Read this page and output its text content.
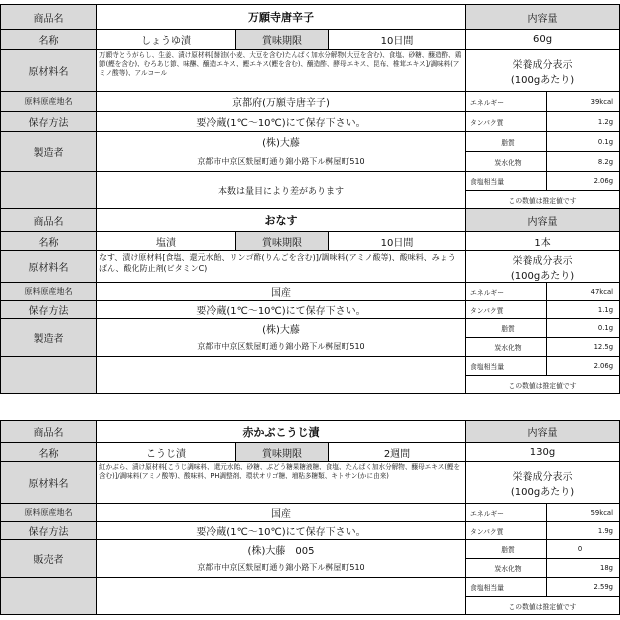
商品名	万願寺唐辛子			内容量	
名称	しょうゆ漬	賞味期限	10日間	60g	
原材料名	万願寺とうがらし、生姜、漬け原材料[醤油(小麦、大豆を含む)たんぱく加水分解物(大豆を含む)、食塩、砂糖、醸造酢、鶏節(鰹を含む)、むろあじ節、味醂、醸造エキス、鰹エキス(鰹を含む)、醸造酢、酵母エキス、昆布、椎茸エキス]/調味料(アミノ酸等)、アルコール			栄養成分表示
(100gあたり)	

原料原産地名	京都府(万願寺唐辛子)			エネルギー	39kcal
保存方法	要冷蔵(1℃〜10℃)にて保存下さい。			タンパク質	1.2g
製造者	(株)大藤			脂質	0.1g
	京都市中京区麩屋町通り錦小路下ル桝屋町510			炭水化物	8.2g
	本数は量目により差があります			食塩相当量	2.06g
				この数値は推定値です	
商品名	おなす			内容量	
名称	塩漬	賞味期限	10日間	1本	
原材料名	なす、漬け原材料[食塩、還元水飴、リンゴ酢(りんごを含む)]/調味料(アミノ酸等)、酸味料、みょうばん、酸化防止剤(ビタミンC)			栄養成分表示
(100gあたり)	

原料原産地名	国産			エネルギー	47kcal
保存方法	要冷蔵(1℃〜10℃)にて保存下さい。			タンパク質	1.1g
製造者	(株)大藤			脂質	0.1g
	京都市中京区麩屋町通り錦小路下ル桝屋町510			炭水化物	12.5g
				食塩相当量	2.06g
				この数値は推定値です	
商品名	赤かぶこうじ漬			内容量	
名称	こうじ漬	賞味期限	2週間	130g	
原材料名	紅かぶら、漬け原材料[こうじ調味料、還元水飴、砂糖、ぶどう糖果糖液糖、食塩、たんぱく加水分解物、醸母エキス(鰹を含む)]/調味料(アミノ酸等)、酸味料、PH調整剤、環状オリゴ糖、増粘多糖類、キトサン(かに由来)			栄養成分表示
(100gあたり)	

原料原産地名	国産			エネルギー	59kcal
保存方法	要冷蔵(1℃〜10℃)にて保存下さい。			タンパク質	1.9g
販売者	(株)大藤　005			脂質	0
	京都市中京区麩屋町通り錦小路下ル桝屋町510			炭水化物	18g
				食塩相当量	2.59g
				この数値は推定値です	
